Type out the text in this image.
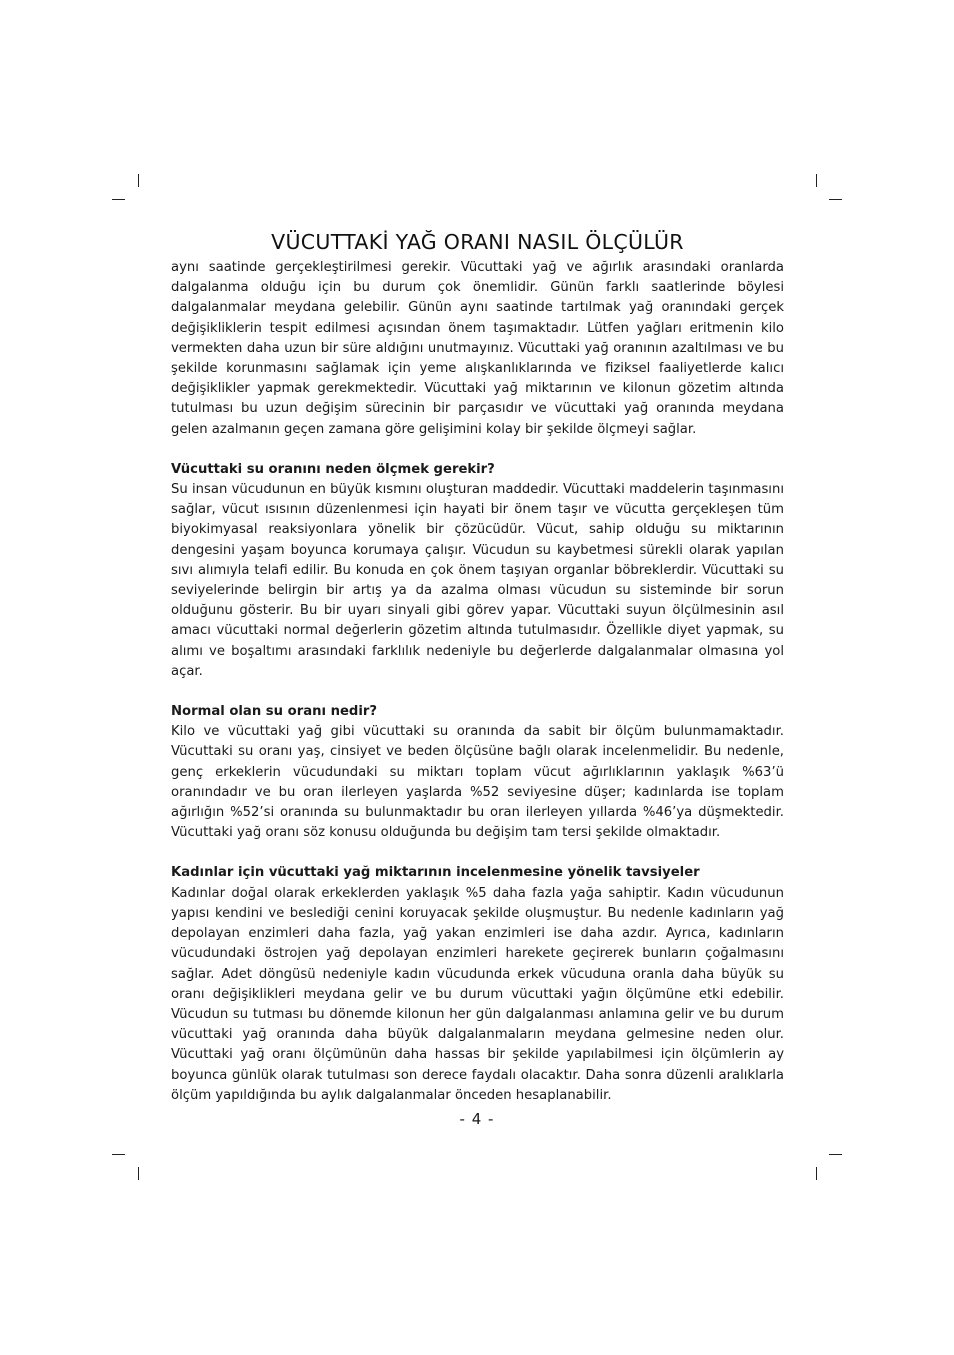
VÜCUTTAKİ YAĞ ORANI NASIL ÖLÇÜLÜR

aynı saatinde gerçekleştirilmesi gerekir. Vücuttaki yağ ve ağırlık arasındaki oranlarda dalgalanma olduğu için bu durum çok önemlidir. Günün farklı saatlerinde böylesi dalgalanmalar meydana gelebilir. Günün aynı saatinde tartılmak yağ oranındaki gerçek değişikliklerin tespit edilmesi açısından önem taşımaktadır. Lütfen yağları eritmenin kilo vermekten daha uzun bir süre aldığını unutmayınız. Vücuttaki yağ oranının azaltılması ve bu şekilde korunmasını sağlamak için yeme alışkanlıklarında ve fiziksel faaliyetlerde kalıcı değişiklikler yapmak gerekmektedir. Vücuttaki yağ miktarının ve kilonun gözetim altında tutulması bu uzun değişim sürecinin bir parçasıdır ve vücuttaki yağ oranında meydana gelen azalmanın geçen zamana göre gelişimini kolay bir şekilde ölçmeyi sağlar.

Vücuttaki su oranını neden ölçmek gerekir?

Su insan vücudunun en büyük kısmını oluşturan maddedir. Vücuttaki maddelerin taşınmasını sağlar, vücut ısısının düzenlenmesi için hayati bir önem taşır ve vücutta gerçekleşen tüm biyokimyasal reaksiyonlara yönelik bir çözücüdür. Vücut, sahip olduğu su miktarının dengesini yaşam boyunca korumaya çalışır. Vücudun su kaybetmesi sürekli olarak yapılan sıvı alımıyla telafi edilir. Bu konuda en çok önem taşıyan organlar böbreklerdir. Vücuttaki su seviyelerinde belirgin bir artış ya da azalma olması vücudun su sisteminde bir sorun olduğunu gösterir. Bu bir uyarı sinyali gibi görev yapar. Vücuttaki suyun ölçülmesinin asıl amacı vücuttaki normal değerlerin gözetim altında tutulmasıdır. Özellikle diyet yapmak, su alımı ve boşaltımı arasındaki farklılık nedeniyle bu değerlerde dalgalanmalar olmasına yol açar.

Normal olan su oranı nedir?

Kilo ve vücuttaki yağ gibi vücuttaki su oranında da sabit bir ölçüm bulunmamaktadır. Vücuttaki su oranı yaş, cinsiyet ve beden ölçüsüne bağlı olarak incelenmelidir. Bu nedenle, genç erkeklerin vücudundaki su miktarı toplam vücut ağırlıklarının yaklaşık %63’ü oranındadır ve bu oran ilerleyen yaşlarda %52 seviyesine düşer; kadınlarda ise toplam ağırlığın %52’si oranında su bulunmaktadır bu oran ilerleyen yıllarda %46’ya düşmektedir. Vücuttaki yağ oranı söz konusu olduğunda bu değişim tam tersi şekilde olmaktadır.

Kadınlar için vücuttaki yağ miktarının incelenmesine yönelik tavsiyeler

Kadınlar doğal olarak erkeklerden yaklaşık %5 daha fazla yağa sahiptir. Kadın vücudunun yapısı kendini ve beslediği cenini koruyacak şekilde oluşmuştur. Bu nedenle kadınların yağ depolayan enzimleri daha fazla, yağ yakan enzimleri ise daha azdır. Ayrıca, kadınların vücudundaki östrojen yağ depolayan enzimleri harekete geçirerek bunların çoğalmasını sağlar. Adet döngüsü nedeniyle kadın vücudunda erkek vücuduna oranla daha büyük su oranı değişiklikleri meydana gelir ve bu durum vücuttaki yağın ölçümüne etki edebilir. Vücudun su tutması bu dönemde kilonun her gün dalgalanması anlamına gelir ve bu durum vücuttaki yağ oranında daha büyük dalgalanmaların meydana gelmesine neden olur. Vücuttaki yağ oranı ölçümünün daha hassas bir şekilde yapılabilmesi için ölçümlerin ay boyunca günlük olarak tutulması son derece faydalı olacaktır. Daha sonra düzenli aralıklarla ölçüm yapıldığında bu aylık dalgalanmalar önceden hesaplanabilir.

- 4 -
